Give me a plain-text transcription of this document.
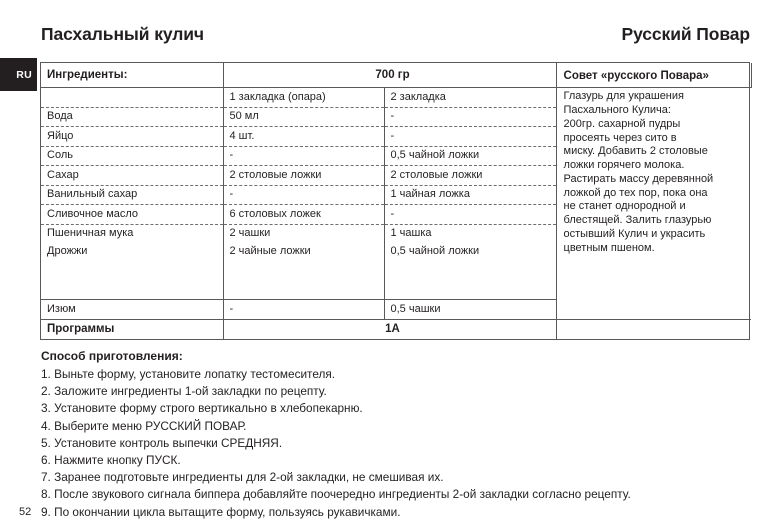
Пасхальный кулич	Русский Повар
RU Ингредиенты:	700 гр		Совет «русского Повара»
	1 закладка (опара)	2 закладка	Глазурь для украшения
Пасхального Кулича:
200гр. сахарной пудры
просеять через сито в
миску. Добавить 2 столовые
ложки горячего молока.
Растирать массу деревянной
ложкой до тех пор, пока она
не станет однородной и
блестящей. Залить глазурью
остывший Кулич и украсить
цветным пшеном.

Вода	50 мл	-	
Яйцо	4 шт.	-	
Соль	-	0,5 чайной ложки	
Сахар	2 столовые ложки	2 столовые ложки	
Ванильный сахар	-	1 чайная ложка	
Сливочное масло	6 столовых ложек	-	
Пшеничная мука	2 чашки	1 чашка	
Дрожжи	2 чайные ложки	0,5 чайной ложки	

Изюм	-	0,5 чашки	
Программы	1А		
Способ приготовления:
1. Выньте форму, установите лопатку тестомесителя.
2. Заложите ингредиенты 1-ой закладки по рецепту.
3. Установите форму строго вертикально в хлебопекарню.
4. Выберите меню РУССКИЙ ПОВАР.
5. Установите контроль выпечки СРЕДНЯЯ.
6. Нажмите кнопку ПУСК.
7. Заранее подготовьте ингредиенты для 2-ой закладки, не смешивая их.
8. После звукового сигнала биппера добавляйте поочередно ингредиенты 2-ой закладки согласно рецепту.
9. По окончании цикла вытащите форму, пользуясь рукавичками.
52
